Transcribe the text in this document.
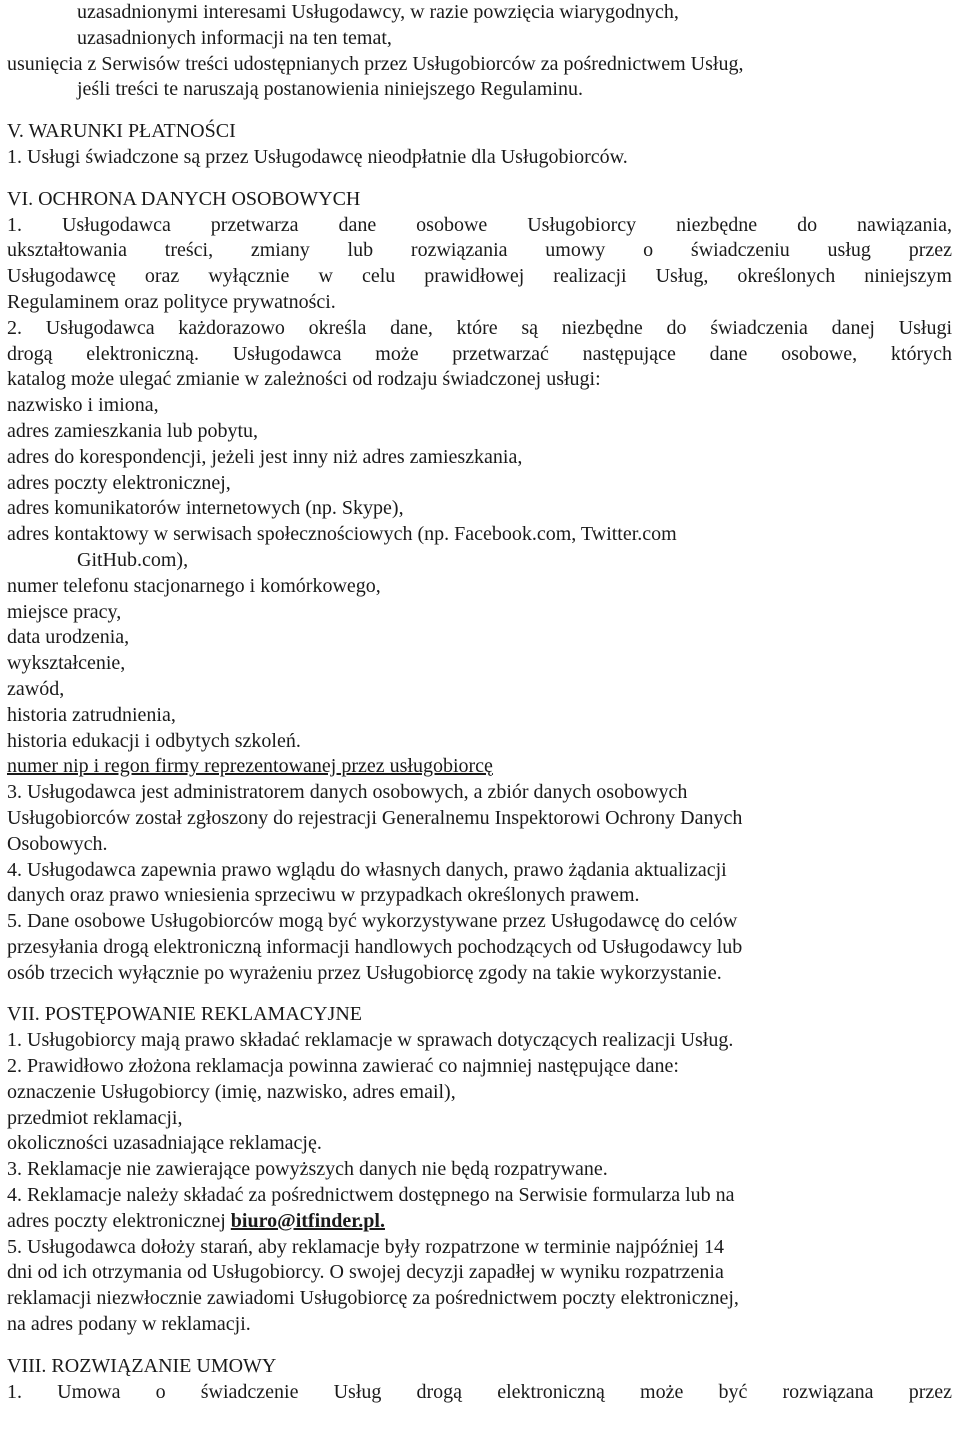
uzasadnionymi interesami Usługodawcy, w razie powzięcia wiarygodnych,
uzasadnionych informacji na ten temat,
usunięcia z Serwisów treści udostępnianych przez Usługobiorców za pośrednictwem Usług,
jeśli treści te naruszają postanowienia niniejszego Regulaminu.
V. WARUNKI PŁATNOŚCI
1. Usługi świadczone są przez Usługodawcę nieodpłatnie dla Usługobiorców.
VI. OCHRONA DANYCH OSOBOWYCH
1. Usługodawca przetwarza dane osobowe Usługobiorcy niezbędne do nawiązania,
ukształtowania treści, zmiany lub rozwiązania umowy o świadczeniu usług przez
Usługodawcę oraz wyłącznie w celu prawidłowej realizacji Usług, określonych niniejszym
Regulaminem oraz polityce prywatności.
2. Usługodawca każdorazowo określa dane, które są niezbędne do świadczenia danej Usługi
drogą elektroniczną. Usługodawca może przetwarzać następujące dane osobowe, których
katalog może ulegać zmianie w zależności od rodzaju świadczonej usługi:
nazwisko i imiona,
adres zamieszkania lub pobytu,
adres do korespondencji, jeżeli jest inny niż adres zamieszkania,
adres poczty elektronicznej,
adres komunikatorów internetowych (np. Skype),
adres kontaktowy w serwisach społecznościowych (np. Facebook.com, Twitter.com
GitHub.com),
numer telefonu stacjonarnego i komórkowego,
miejsce pracy,
data urodzenia,
wykształcenie,
zawód,
historia zatrudnienia,
historia edukacji i odbytych szkoleń.
numer nip i regon firmy reprezentowanej przez usługobiorcę
3. Usługodawca jest administratorem danych osobowych, a zbiór danych osobowych
Usługobiorców został zgłoszony do rejestracji Generalnemu Inspektorowi Ochrony Danych
Osobowych.
4. Usługodawca zapewnia prawo wglądu do własnych danych, prawo żądania aktualizacji
danych oraz prawo wniesienia sprzeciwu w przypadkach określonych prawem.
5. Dane osobowe Usługobiorców mogą być wykorzystywane przez Usługodawcę do celów
przesyłania drogą elektroniczną informacji handlowych pochodzących od Usługodawcy lub
osób trzecich wyłącznie po wyrażeniu przez Usługobiorcę zgody na takie wykorzystanie.
VII. POSTĘPOWANIE REKLAMACYJNE
1. Usługobiorcy mają prawo składać reklamacje w sprawach dotyczących realizacji Usług.
2. Prawidłowo złożona reklamacja powinna zawierać co najmniej następujące dane:
oznaczenie Usługobiorcy (imię, nazwisko, adres email),
przedmiot reklamacji,
okoliczności uzasadniające reklamację.
3. Reklamacje nie zawierające powyższych danych nie będą rozpatrywane.
4. Reklamacje należy składać za pośrednictwem dostępnego na Serwisie formularza lub na
adres poczty elektronicznej biuro@itfinder.pl.
5. Usługodawca dołoży starań, aby reklamacje były rozpatrzone w terminie najpóźniej 14
dni od ich otrzymania od Usługobiorcy. O swojej decyzji zapadłej w wyniku rozpatrzenia
reklamacji niezwłocznie zawiadomi Usługobiorcę za pośrednictwem poczty elektronicznej,
na adres podany w reklamacji.
VIII. ROZWIĄZANIE UMOWY
1. Umowa o świadczenie Usług drogą elektroniczną może być rozwiązana przez
